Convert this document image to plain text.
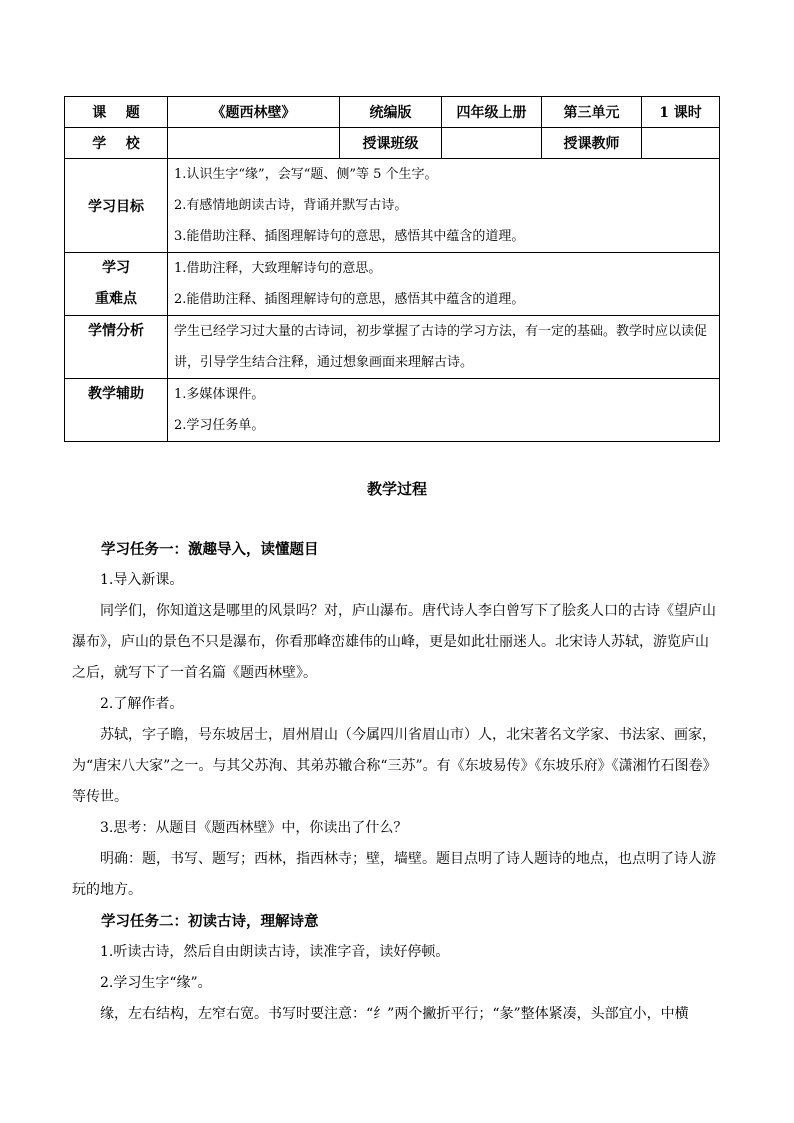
课    题	《题西林壁》	统编版	四年级上册	第三单元	1 课时
学    校		授课班级		授课教师	
学习目标	1.认识生字“缘”，会写“题、侧”等 5 个生字。
2.有感情地朗读古诗，背诵并默写古诗。
3.能借助注释、插图理解诗句的意思，感悟其中蕴含的道理。				

学习
重难点	1.借助注释，大致理解诗句的意思。
2.能借助注释、插图理解诗句的意思，感悟其中蕴含的道理。				

学情分析	学生已经学习过大量的古诗词，初步掌握了古诗的学习方法，有一定的基础。教学时应以读促讲，引导学生结合注释，通过想象画面来理解古诗。				

教学辅助	1.多媒体课件。
2.学习任务单。				
教学过程

学习任务一：激趣导入，读懂题目

1.导入新课。

同学们，你知道这是哪里的风景吗？对，庐山瀑布。唐代诗人李白曾写下了脍炙人口的古诗《望庐山瀑布》，庐山的景色不只是瀑布，你看那峰峦雄伟的山峰，更是如此壮丽迷人。北宋诗人苏轼，游览庐山之后，就写下了一首名篇《题西林壁》。

2.了解作者。

苏轼，字子瞻，号东坡居士，眉州眉山（今属四川省眉山市）人，北宋著名文学家、书法家、画家，为“唐宋八大家”之一。与其父苏洵、其弟苏辙合称“三苏”。有《东坡易传》《东坡乐府》《潇湘竹石图卷》等传世。

3.思考：从题目《题西林壁》中，你读出了什么？

明确：题，书写、题写；西林，指西林寺；壁，墙壁。题目点明了诗人题诗的地点，也点明了诗人游玩的地方。

学习任务二：初读古诗，理解诗意

1.听读古诗，然后自由朗读古诗，读准字音，读好停顿。

2.学习生字“缘”。

缘，左右结构，左窄右宽。书写时要注意：“纟”两个撇折平行；“彖”整体紧凑，头部宜小，中横
